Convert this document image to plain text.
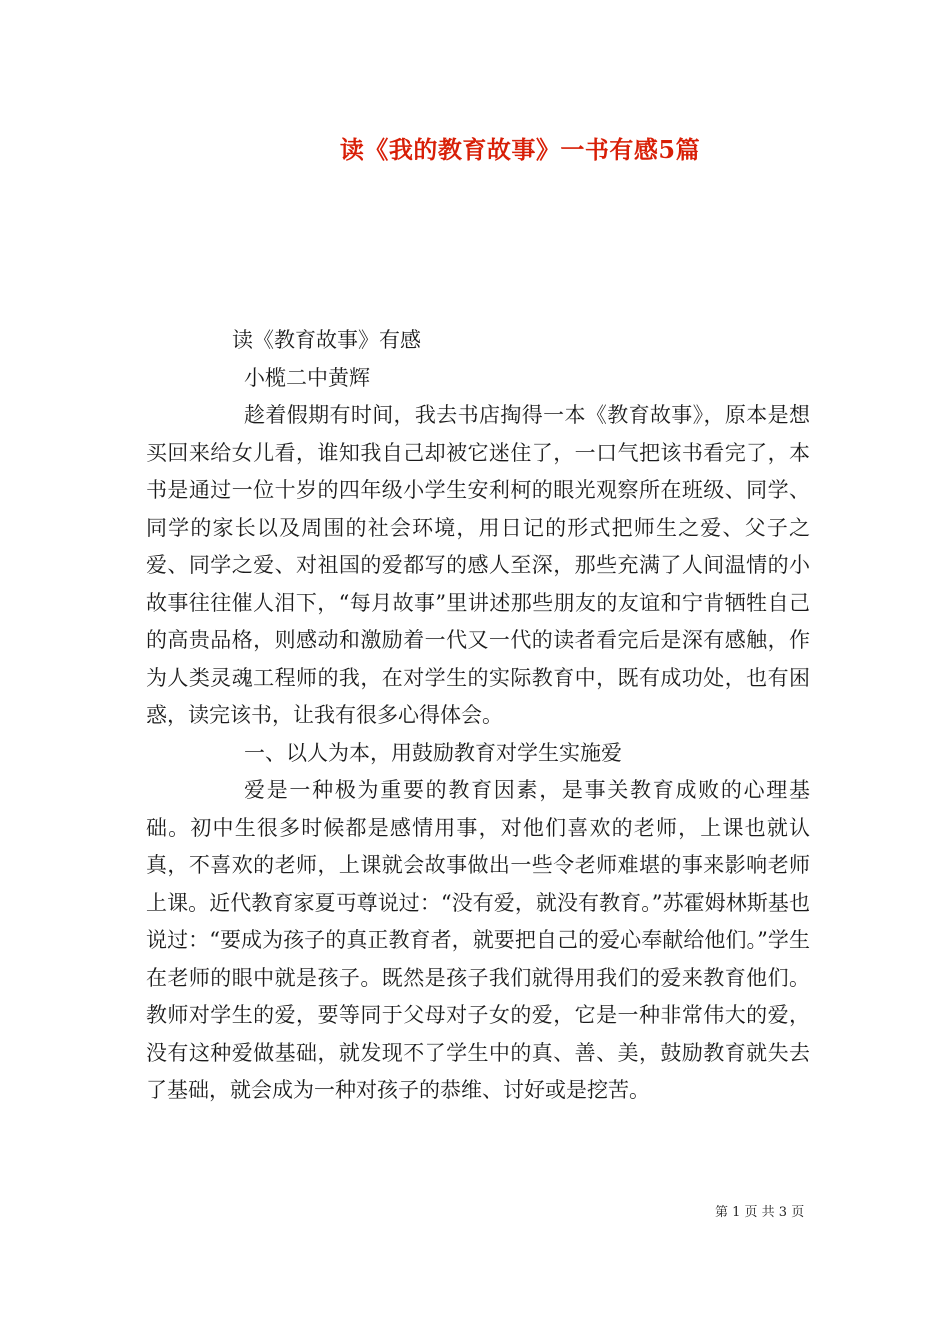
读《我的教育故事》一书有感5篇

读《教育故事》有感

小榄二中黄辉

趁着假期有时间，我去书店掏得一本《教育故事》，原本是想买回来给女儿看，谁知我自己却被它迷住了，一口气把该书看完了，本书是通过一位十岁的四年级小学生安利柯的眼光观察所在班级、同学、同学的家长以及周围的社会环境，用日记的形式把师生之爱、父子之爱、同学之爱、对祖国的爱都写的感人至深，那些充满了人间温情的小故事往往催人泪下，“每月故事”里讲述那些朋友的友谊和宁肯牺牲自己的高贵品格，则感动和激励着一代又一代的读者看完后是深有感触，作为人类灵魂工程师的我，在对学生的实际教育中，既有成功处，也有困惑，读完该书，让我有很多心得体会。

一、以人为本，用鼓励教育对学生实施爱

爱是一种极为重要的教育因素，是事关教育成败的心理基础。初中生很多时候都是感情用事，对他们喜欢的老师，上课也就认真，不喜欢的老师，上课就会故事做出一些令老师难堪的事来影响老师上课。近代教育家夏丏尊说过：“没有爱，就没有教育。”苏霍姆林斯基也说过：“要成为孩子的真正教育者，就要把自己的爱心奉献给他们。”学生在老师的眼中就是孩子。既然是孩子我们就得用我们的爱来教育他们。教师对学生的爱，要等同于父母对子女的爱，它是一种非常伟大的爱，没有这种爱做基础，就发现不了学生中的真、善、美，鼓励教育就失去了基础，就会成为一种对孩子的恭维、讨好或是挖苦。

第 1 页 共 3 页
